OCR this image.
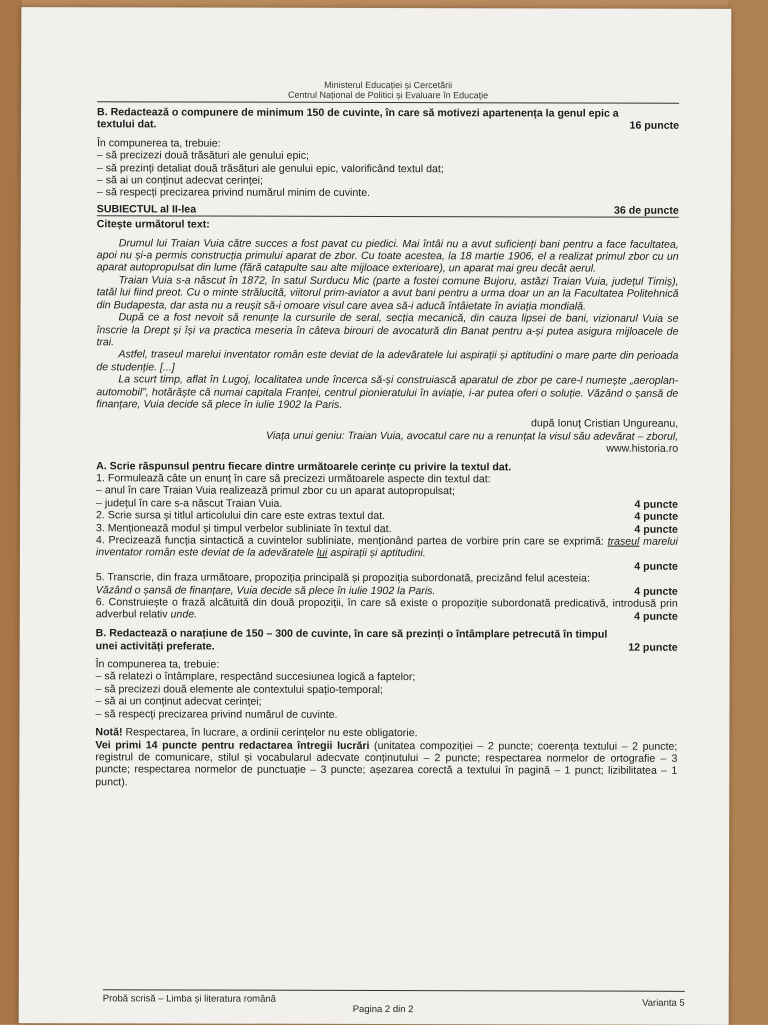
Ministerul Educației și Cercetării
Centrul Național de Politici și Evaluare în Educație
B. Redactează o compunere de minimum 150 de cuvinte, în care să motivezi apartenența la genul epic a textului dat.	16 puncte

În compunerea ta, trebuie:

– să precizezi două trăsături ale genului epic;

– să prezinți detaliat două trăsături ale genului epic, valorificând textul dat;

– să ai un conținut adecvat cerinței;

– să respecți precizarea privind numărul minim de cuvinte.

SUBIECTUL al II-lea	36 de puncte

Citește următorul text:

Drumul lui Traian Vuia către succes a fost pavat cu piedici. Mai întâi nu a avut suficienți bani pentru a face facultatea, apoi nu și-a permis construcția primului aparat de zbor. Cu toate acestea, la 18 martie 1906, el a realizat primul zbor cu un aparat autopropulsat din lume (fără catapulte sau alte mijloace exterioare), un aparat mai greu decât aerul.

Traian Vuia s-a născut în 1872, în satul Surducu Mic (parte a fostei comune Bujoru, astăzi Traian Vuia, județul Timiș), tatăl lui fiind preot. Cu o minte strălucită, viitorul prim-aviator a avut bani pentru a urma doar un an la Facultatea Politehnică din Budapesta, dar asta nu a reușit să-i omoare visul care avea să-i aducă întâietate în aviația mondială.

După ce a fost nevoit să renunțe la cursurile de seral, secția mecanică, din cauza lipsei de bani, vizionarul Vuia se înscrie la Drept și își va practica meseria în câteva birouri de avocatură din Banat pentru a-și putea asigura mijloacele de trai.

Astfel, traseul marelui inventator român este deviat de la adevăratele lui aspirații și aptitudini o mare parte din perioada de studenție. [...]

La scurt timp, aflat în Lugoj, localitatea unde încerca să-și construiască aparatul de zbor pe care-l numește „aeroplan-automobil”, hotărăște că numai capitala Franței, centrul pionieratului în aviație, i-ar putea oferi o soluție. Văzând o șansă de finanțare, Vuia decide să plece în iulie 1902 la Paris.

după Ionuț Cristian Ungureanu,
Viața unui geniu: Traian Vuia, avocatul care nu a renunțat la visul său adevărat – zborul,
www.historia.ro

A. Scrie răspunsul pentru fiecare dintre următoarele cerințe cu privire la textul dat.

1. Formulează câte un enunț în care să precizezi următoarele aspecte din textul dat:

– anul în care Traian Vuia realizează primul zbor cu un aparat autopropulsat;

– județul în care s-a născut Traian Vuia.	4 puncte
2. Scrie sursa și titlul articolului din care este extras textul dat.	4 puncte
3. Menționează modul și timpul verbelor subliniate în textul dat.	4 puncte

4. Precizează funcția sintactică a cuvintelor subliniate, menționând partea de vorbire prin care se exprimă: traseul marelui inventator român este deviat de la adevăratele lui aspirații și aptitudini.

4 puncte

5. Transcrie, din fraza următoare, propoziția principală și propoziția subordonată, precizând felul acesteia:

Văzând o șansă de finanțare, Vuia decide să plece în iulie 1902 la Paris.	4 puncte

6. Construiește o frază alcătuită din două propoziții, în care să existe o propoziție subordonată predicativă, introdusă prin adverbul relativ unde.	4 puncte
B. Redactează o narațiune de 150 – 300 de cuvinte, în care să prezinți o întâmplare petrecută în timpul unei activități preferate.	12 puncte

În compunerea ta, trebuie:

– să relatezi o întâmplare, respectând succesiunea logică a faptelor;

– să precizezi două elemente ale contextului spațio-temporal;

– să ai un conținut adecvat cerinței;

– să respecți precizarea privind numărul de cuvinte.

Notă! Respectarea, în lucrare, a ordinii cerințelor nu este obligatorie.

Vei primi 14 puncte pentru redactarea întregii lucrări (unitatea compoziției – 2 puncte; coerența textului – 2 puncte; registrul de comunicare, stilul și vocabularul adecvate conținutului – 2 puncte; respectarea normelor de ortografie – 3 puncte; respectarea normelor de punctuație – 3 puncte; așezarea corectă a textului în pagină – 1 punct; lizibilitatea – 1 punct).

Probă scrisă – Limba și literatura română
Pagina 2 din 2
Varianta 5
